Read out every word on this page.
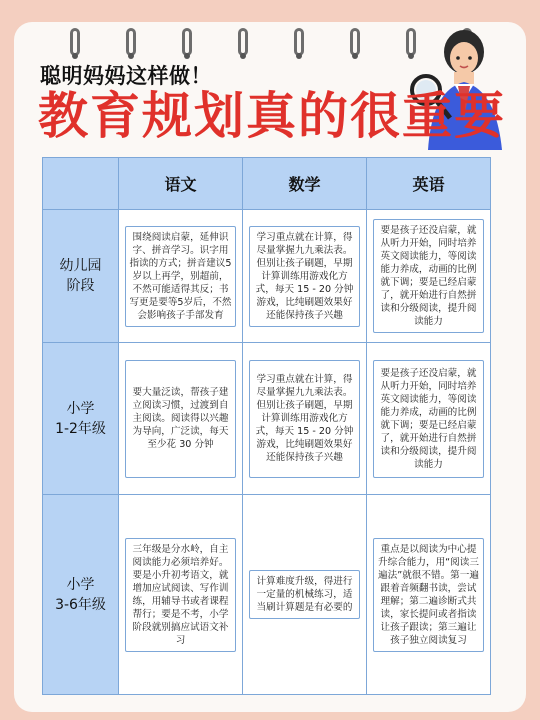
聪明妈妈这样做！
教育规划真的很重要
	语文	数学	英语

幼儿园
阶段	围绕阅读启蒙，延伸识字、拼音学习。识字用指读的方式；拼音建议5岁以上再学，别超前，不然可能适得其反；书写更是要等5岁后，不然会影响孩子手部发育	学习重点就在计算，得尽量掌握九九乘法表。但别让孩子刷题，早期计算训练用游戏化方式，每天 15 - 20 分钟游戏，比纯刷题效果好还能保持孩子兴趣	要是孩子还没启蒙，就从听力开始，同时培养英文阅读能力，等阅读能力养成，动画的比例就下调；要是已经启蒙了，就开始进行自然拼读和分级阅读，提升阅读能力

小学
1-2年级	要大量泛读，帮孩子建立阅读习惯，过渡到自主阅读。阅读得以兴趣为导向，广泛读，每天至少花 30 分钟	学习重点就在计算，得尽量掌握九九乘法表。但别让孩子刷题，早期计算训练用游戏化方式，每天 15 - 20 分钟游戏，比纯刷题效果好还能保持孩子兴趣	要是孩子还没启蒙，就从听力开始，同时培养英文阅读能力，等阅读能力养成，动画的比例就下调；要是已经启蒙了，就开始进行自然拼读和分级阅读，提升阅读能力

小学
3-6年级	三年级是分水岭，自主阅读能力必须培养好。要是小升初考语文，就增加应试阅读、写作训练，用辅导书或者课程帮行；要是不考，小学阶段就别搞应试语文补习	计算难度升级，得进行一定量的机械练习，适当刷计算题是有必要的	重点是以阅读为中心提升综合能力，用“阅读三遍法”就很不错。第一遍跟着音频翻书读，尝试理解；第二遍诊断式共读，家长提问或者指读让孩子跟读；第三遍让孩子独立阅读复习
